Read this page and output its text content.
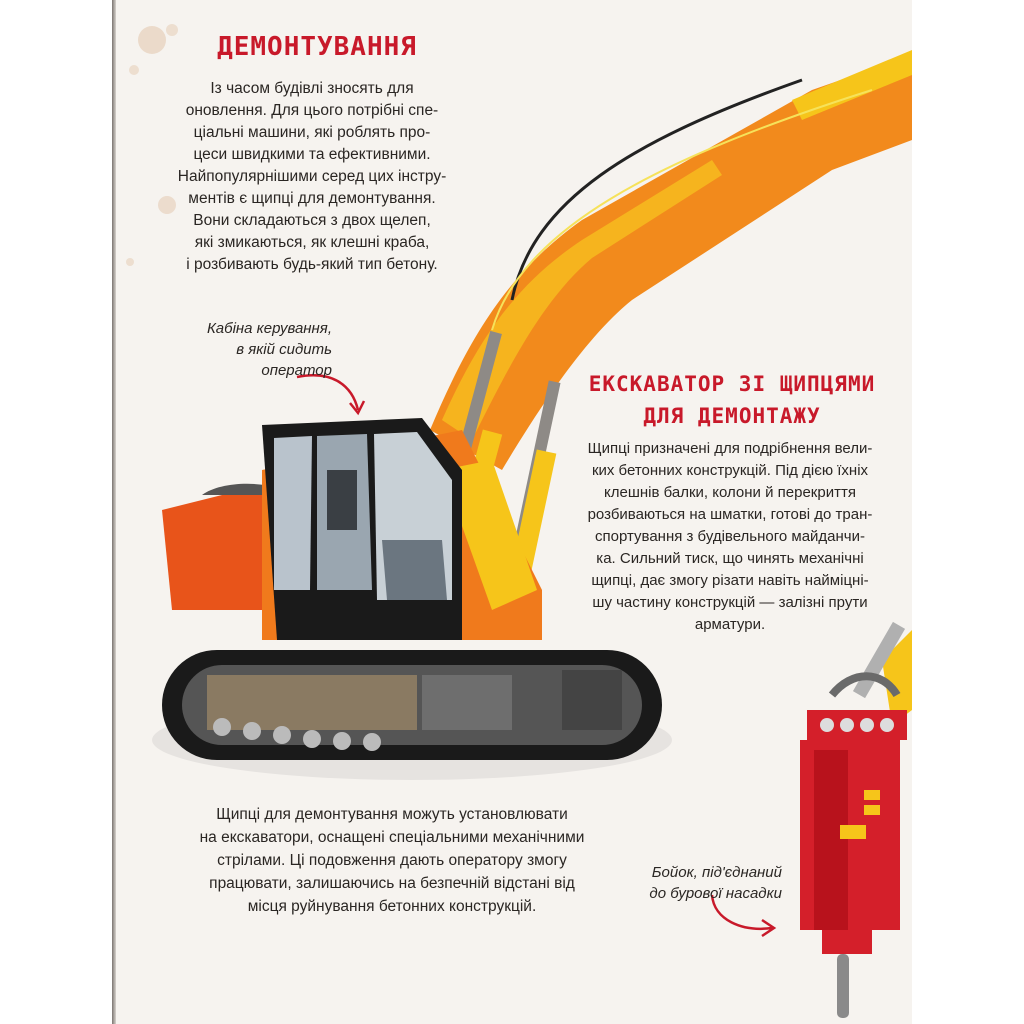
ДЕМОНТУВАННЯ
Із часом будівлі зносять для
оновлення. Для цього потрібні спе-
ціальні машини, які роблять про-
цеси швидкими та ефективними.
Найпопулярнішими серед цих інстру-
ментів є щипці для демонтування.
Вони складаються з двох щелеп,
які змикаються, як клешні краба,
і розбивають будь-який тип бетону.
Кабіна керування,
в якій сидить
оператор
ЕКСКАВАТОР ЗІ ЩИПЦЯМИ
ДЛЯ ДЕМОНТАЖУ
Щипці призначені для подрібнення вели-
ких бетонних конструкцій. Під дією їхніх
клешнів балки, колони й перекриття
розбиваються на шматки, готові до тран-
спортування з будівельного майданчи-
ка. Сильний тиск, що чинять механічні
щипці, дає змогу різати навіть наймiцні-
шу частину конструкцій — залізні прути
арматури.
Щипці для демонтування можуть установлювати
на екскаватори, оснащені спеціальними механічними
стрілами. Ці подовження дають оператору змогу
працювати, залишаючись на безпечній відстані від
місця руйнування бетонних конструкцій.
Бойок, під'єднаний
до бурової насадки
